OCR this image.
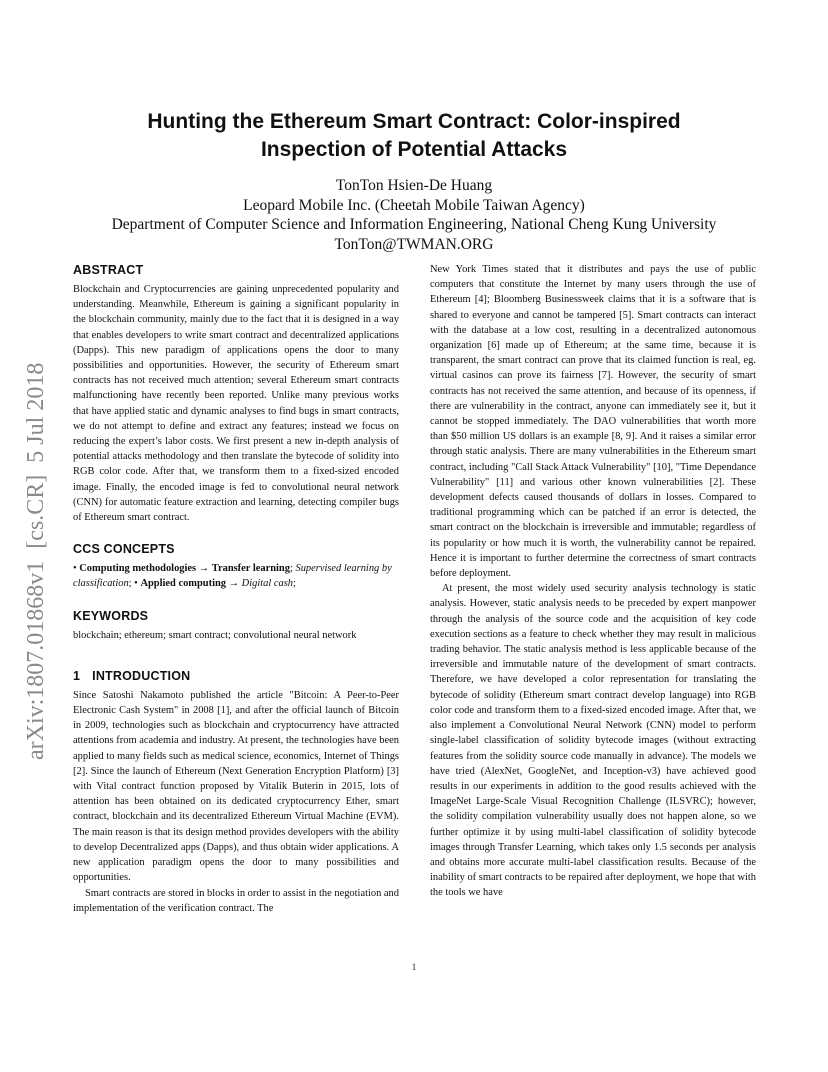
arXiv:1807.01868v1[cs.CR]5 Jul 2018
Hunting the Ethereum Smart Contract: Color-inspired
Inspection of Potential Attacks
TonTon Hsien-De Huang
Leopard Mobile Inc. (Cheetah Mobile Taiwan Agency)
Department of Computer Science and Information Engineering, National Cheng Kung University
TonTon@TWMAN.ORG
ABSTRACT

Blockchain and Cryptocurrencies are gaining unprecedented popularity and understanding. Meanwhile, Ethereum is gaining a significant popularity in the blockchain community, mainly due to the fact that it is designed in a way that enables developers to write smart contract and decentralized applications (Dapps). This new paradigm of applications opens the door to many possibilities and opportunities. However, the security of Ethereum smart contracts has not received much attention; several Ethereum smart contracts malfunctioning have recently been reported. Unlike many previous works that have applied static and dynamic analyses to find bugs in smart contracts, we do not attempt to define and extract any features; instead we focus on reducing the expert’s labor costs. We first present a new in-depth analysis of potential attacks methodology and then translate the bytecode of solidity into RGB color code. After that, we transform them to a fixed-sized encoded image. Finally, the encoded image is fed to convolutional neural network (CNN) for automatic feature extraction and learning, detecting compiler bugs of Ethereum smart contract.

CCS CONCEPTS

• Computing methodologies → Transfer learning; Supervised learning by classification; • Applied computing → Digital cash;

KEYWORDS

blockchain; ethereum; smart contract; convolutional neural network

1 INTRODUCTION

Since Satoshi Nakamoto published the article "Bitcoin: A Peer-to-Peer Electronic Cash System" in 2008 [1], and after the official launch of Bitcoin in 2009, technologies such as blockchain and cryptocurrency have attracted attentions from academia and industry. At present, the technologies have been applied to many fields such as medical science, economics, Internet of Things [2]. Since the launch of Ethereum (Next Generation Encryption Platform) [3] with Vital contract function proposed by Vitalik Buterin in 2015, lots of attention has been obtained on its dedicated cryptocurrency Ether, smart contract, blockchain and its decentralized Ethereum Virtual Machine (EVM). The main reason is that its design method provides developers with the ability to develop Decentralized apps (Dapps), and thus obtain wider applications. A new application paradigm opens the door to many possibilities and opportunities.

Smart contracts are stored in blocks in order to assist in the negotiation and implementation of the verification contract. The

New York Times stated that it distributes and pays the use of public computers that constitute the Internet by many users through the use of Ethereum [4]; Bloomberg Businessweek claims that it is a software that is shared to everyone and cannot be tampered [5]. Smart contracts can interact with the database at a low cost, resulting in a decentralized autonomous organization [6] made up of Ethereum; at the same time, because it is transparent, the smart contract can prove that its claimed function is real, eg. virtual casinos can prove its fairness [7]. However, the security of smart contracts has not received the same attention, and because of its openness, if there are vulnerability in the contract, anyone can immediately see it, but it cannot be stopped immediately. The DAO vulnerabilities that worth more than $50 million US dollars is an example [8, 9]. And it raises a similar error through static analysis. There are many vulnerabilities in the Ethereum smart contract, including "Call Stack Attack Vulnerability" [10], "Time Dependance Vulnerability" [11] and various other known vulnerabilities [2]. These development defects caused thousands of dollars in losses. Compared to traditional programming which can be patched if an error is detected, the smart contract on the blockchain is irreversible and immutable; regardless of its popularity or how much it is worth, the vulnerability cannot be repaired. Hence it is important to further determine the correctness of smart contracts before deployment.

At present, the most widely used security analysis technology is static analysis. However, static analysis needs to be preceded by expert manpower through the analysis of the source code and the acquisition of key code execution sections as a feature to check whether they may result in malicious trading behavior. The static analysis method is less applicable because of the irreversible and immutable nature of the development of smart contracts. Therefore, we have developed a color representation for translating the bytecode of solidity (Ethereum smart contract develop language) into RGB color code and transform them to a fixed-sized encoded image. After that, we also implement a Convolutional Neural Network (CNN) model to perform single-label classification of solidity bytecode images (without extracting features from the solidity source code manually in advance). The models we have tried (AlexNet, GoogleNet, and Inception-v3) have achieved good results in our experiments in addition to the good results achieved with the ImageNet Large-Scale Visual Recognition Challenge (ILSVRC); however, the solidity compilation vulnerability usually does not happen alone, so we further optimize it by using multi-label classification of solidity bytecode images through Transfer Learning, which takes only 1.5 seconds per analysis and obtains more accurate multi-label classification results. Because of the inability of smart contracts to be repaired after deployment, we hope that with the tools we have

1
